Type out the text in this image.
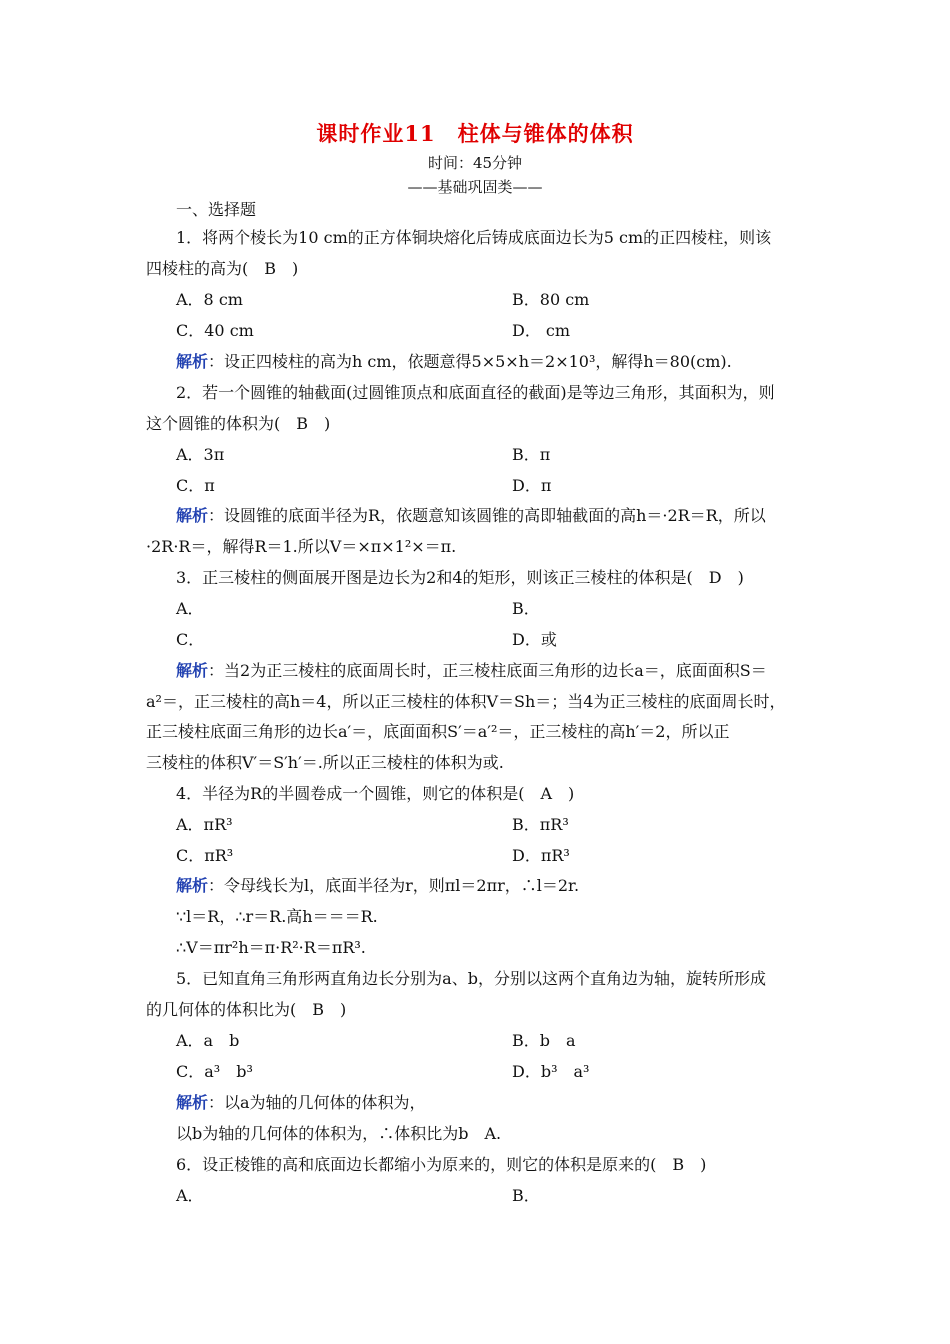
课时作业11　柱体与锥体的体积
时间：45分钟
——基础巩固类——
一、选择题
1．将两个棱长为10 cm的正方体铜块熔化后铸成底面边长为5 cm的正四棱柱，则该
四棱柱的高为(　B　)
A．8 cm	B．80 cm
C．40 cm	D． cm
解析：设正四棱柱的高为h cm，依题意得5×5×h＝2×10³，解得h＝80(cm).
2．若一个圆锥的轴截面(过圆锥顶点和底面直径的截面)是等边三角形，其面积为，则
这个圆锥的体积为(　B　)
A．3π	B．π
C．π	D．π
解析：设圆锥的底面半径为R，依题意知该圆锥的高即轴截面的高h＝·2R＝R，所以
·2R·R＝，解得R＝1.所以V＝×π×1²×＝π.
3．正三棱柱的侧面展开图是边长为2和4的矩形，则该正三棱柱的体积是(　D　)
A．	B．
C．	D．或
解析：当2为正三棱柱的底面周长时，正三棱柱底面三角形的边长a＝，底面面积S＝
a²＝，正三棱柱的高h＝4，所以正三棱柱的体积V＝Sh＝；当4为正三棱柱的底面周长时，
正三棱柱底面三角形的边长a′＝，底面面积S′＝a′²＝，正三棱柱的高h′＝2，所以正
三棱柱的体积V′＝S′h′＝.所以正三棱柱的体积为或.
4．半径为R的半圆卷成一个圆锥，则它的体积是(　A　)
A．πR³	B．πR³
C．πR³	D．πR³
解析：令母线长为l，底面半径为r，则πl＝2πr，∴l＝2r.
∵l＝R，∴r＝R.高h＝＝＝R.
∴V＝πr²h＝π·R²·R＝πR³.
5．已知直角三角形两直角边长分别为a、b，分别以这两个直角边为轴，旋转所形成
的几何体的体积比为(　B　)
A．a　b	B．b　a
C．a³　b³	D．b³　a³
解析：以a为轴的几何体的体积为，
以b为轴的几何体的体积为，∴体积比为b　A.
6．设正棱锥的高和底面边长都缩小为原来的，则它的体积是原来的(　B　)
A．	B．
